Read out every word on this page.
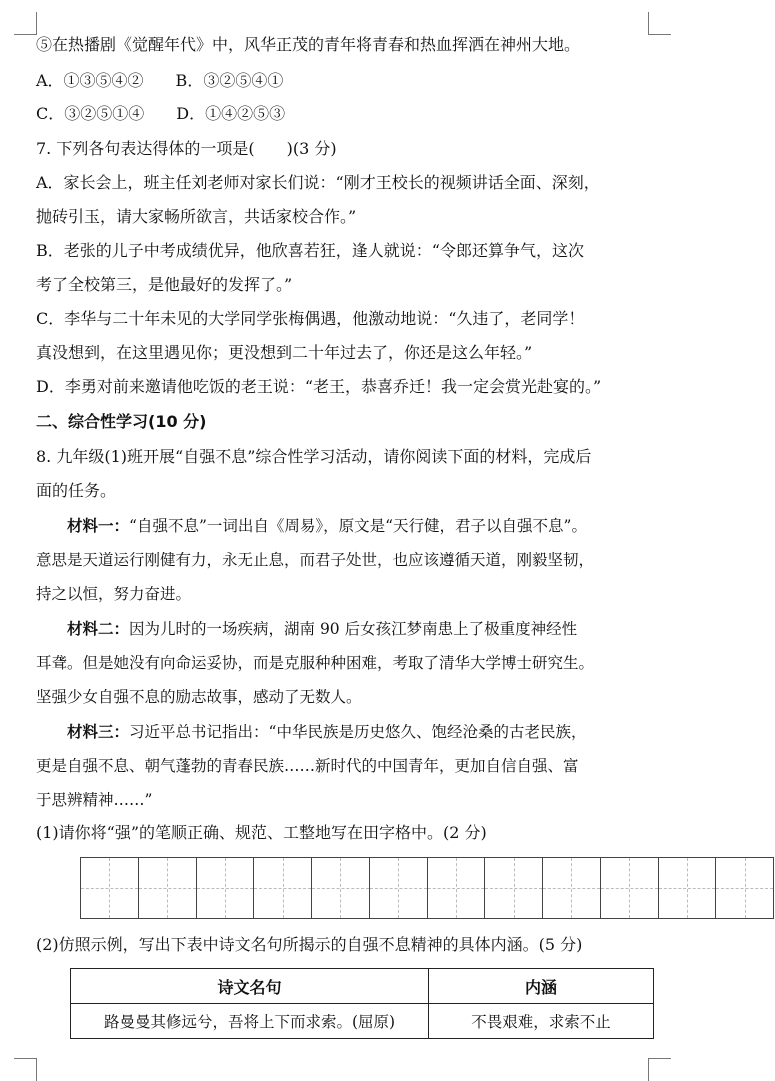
⑤在热播剧《觉醒年代》中，风华正茂的青年将青春和热血挥洒在神州大地。
A．①③⑤④②　　B．③②⑤④①
C．③②⑤①④　　D．①④②⑤③
7. 下列各句表达得体的一项是(　　)(3 分)
A．家长会上，班主任刘老师对家长们说：“刚才王校长的视频讲话全面、深刻，
抛砖引玉，请大家畅所欲言，共话家校合作。”
B．老张的儿子中考成绩优异，他欣喜若狂，逢人就说：“令郎还算争气，这次
考了全校第三，是他最好的发挥了。”
C．李华与二十年未见的大学同学张梅偶遇，他激动地说：“久违了，老同学！
真没想到，在这里遇见你；更没想到二十年过去了，你还是这么年轻。”
D．李勇对前来邀请他吃饭的老王说：“老王，恭喜乔迁！我一定会赏光赴宴的。”
二、综合性学习(10 分)
8. 九年级(1)班开展“自强不息”综合性学习活动，请你阅读下面的材料，完成后
面的任务。
材料一：“自强不息”一词出自《周易》，原文是“天行健，君子以自强不息”。
意思是天道运行刚健有力，永无止息，而君子处世，也应该遵循天道，刚毅坚韧，
持之以恒，努力奋进。
材料二：因为儿时的一场疾病，湖南 90 后女孩江梦南患上了极重度神经性
耳聋。但是她没有向命运妥协，而是克服种种困难，考取了清华大学博士研究生。
坚强少女自强不息的励志故事，感动了无数人。
材料三：习近平总书记指出：“中华民族是历史悠久、饱经沧桑的古老民族，
更是自强不息、朝气蓬勃的青春民族……新时代的中国青年，更加自信自强、富
于思辨精神……”
(1)请你将“强”的笔顺正确、规范、工整地写在田字格中。(2 分)
(2)仿照示例，写出下表中诗文名句所揭示的自强不息精神的具体内涵。(5 分)
诗文名句	内涵
路曼曼其修远兮，吾将上下而求索。(屈原)	不畏艰难，求索不止
